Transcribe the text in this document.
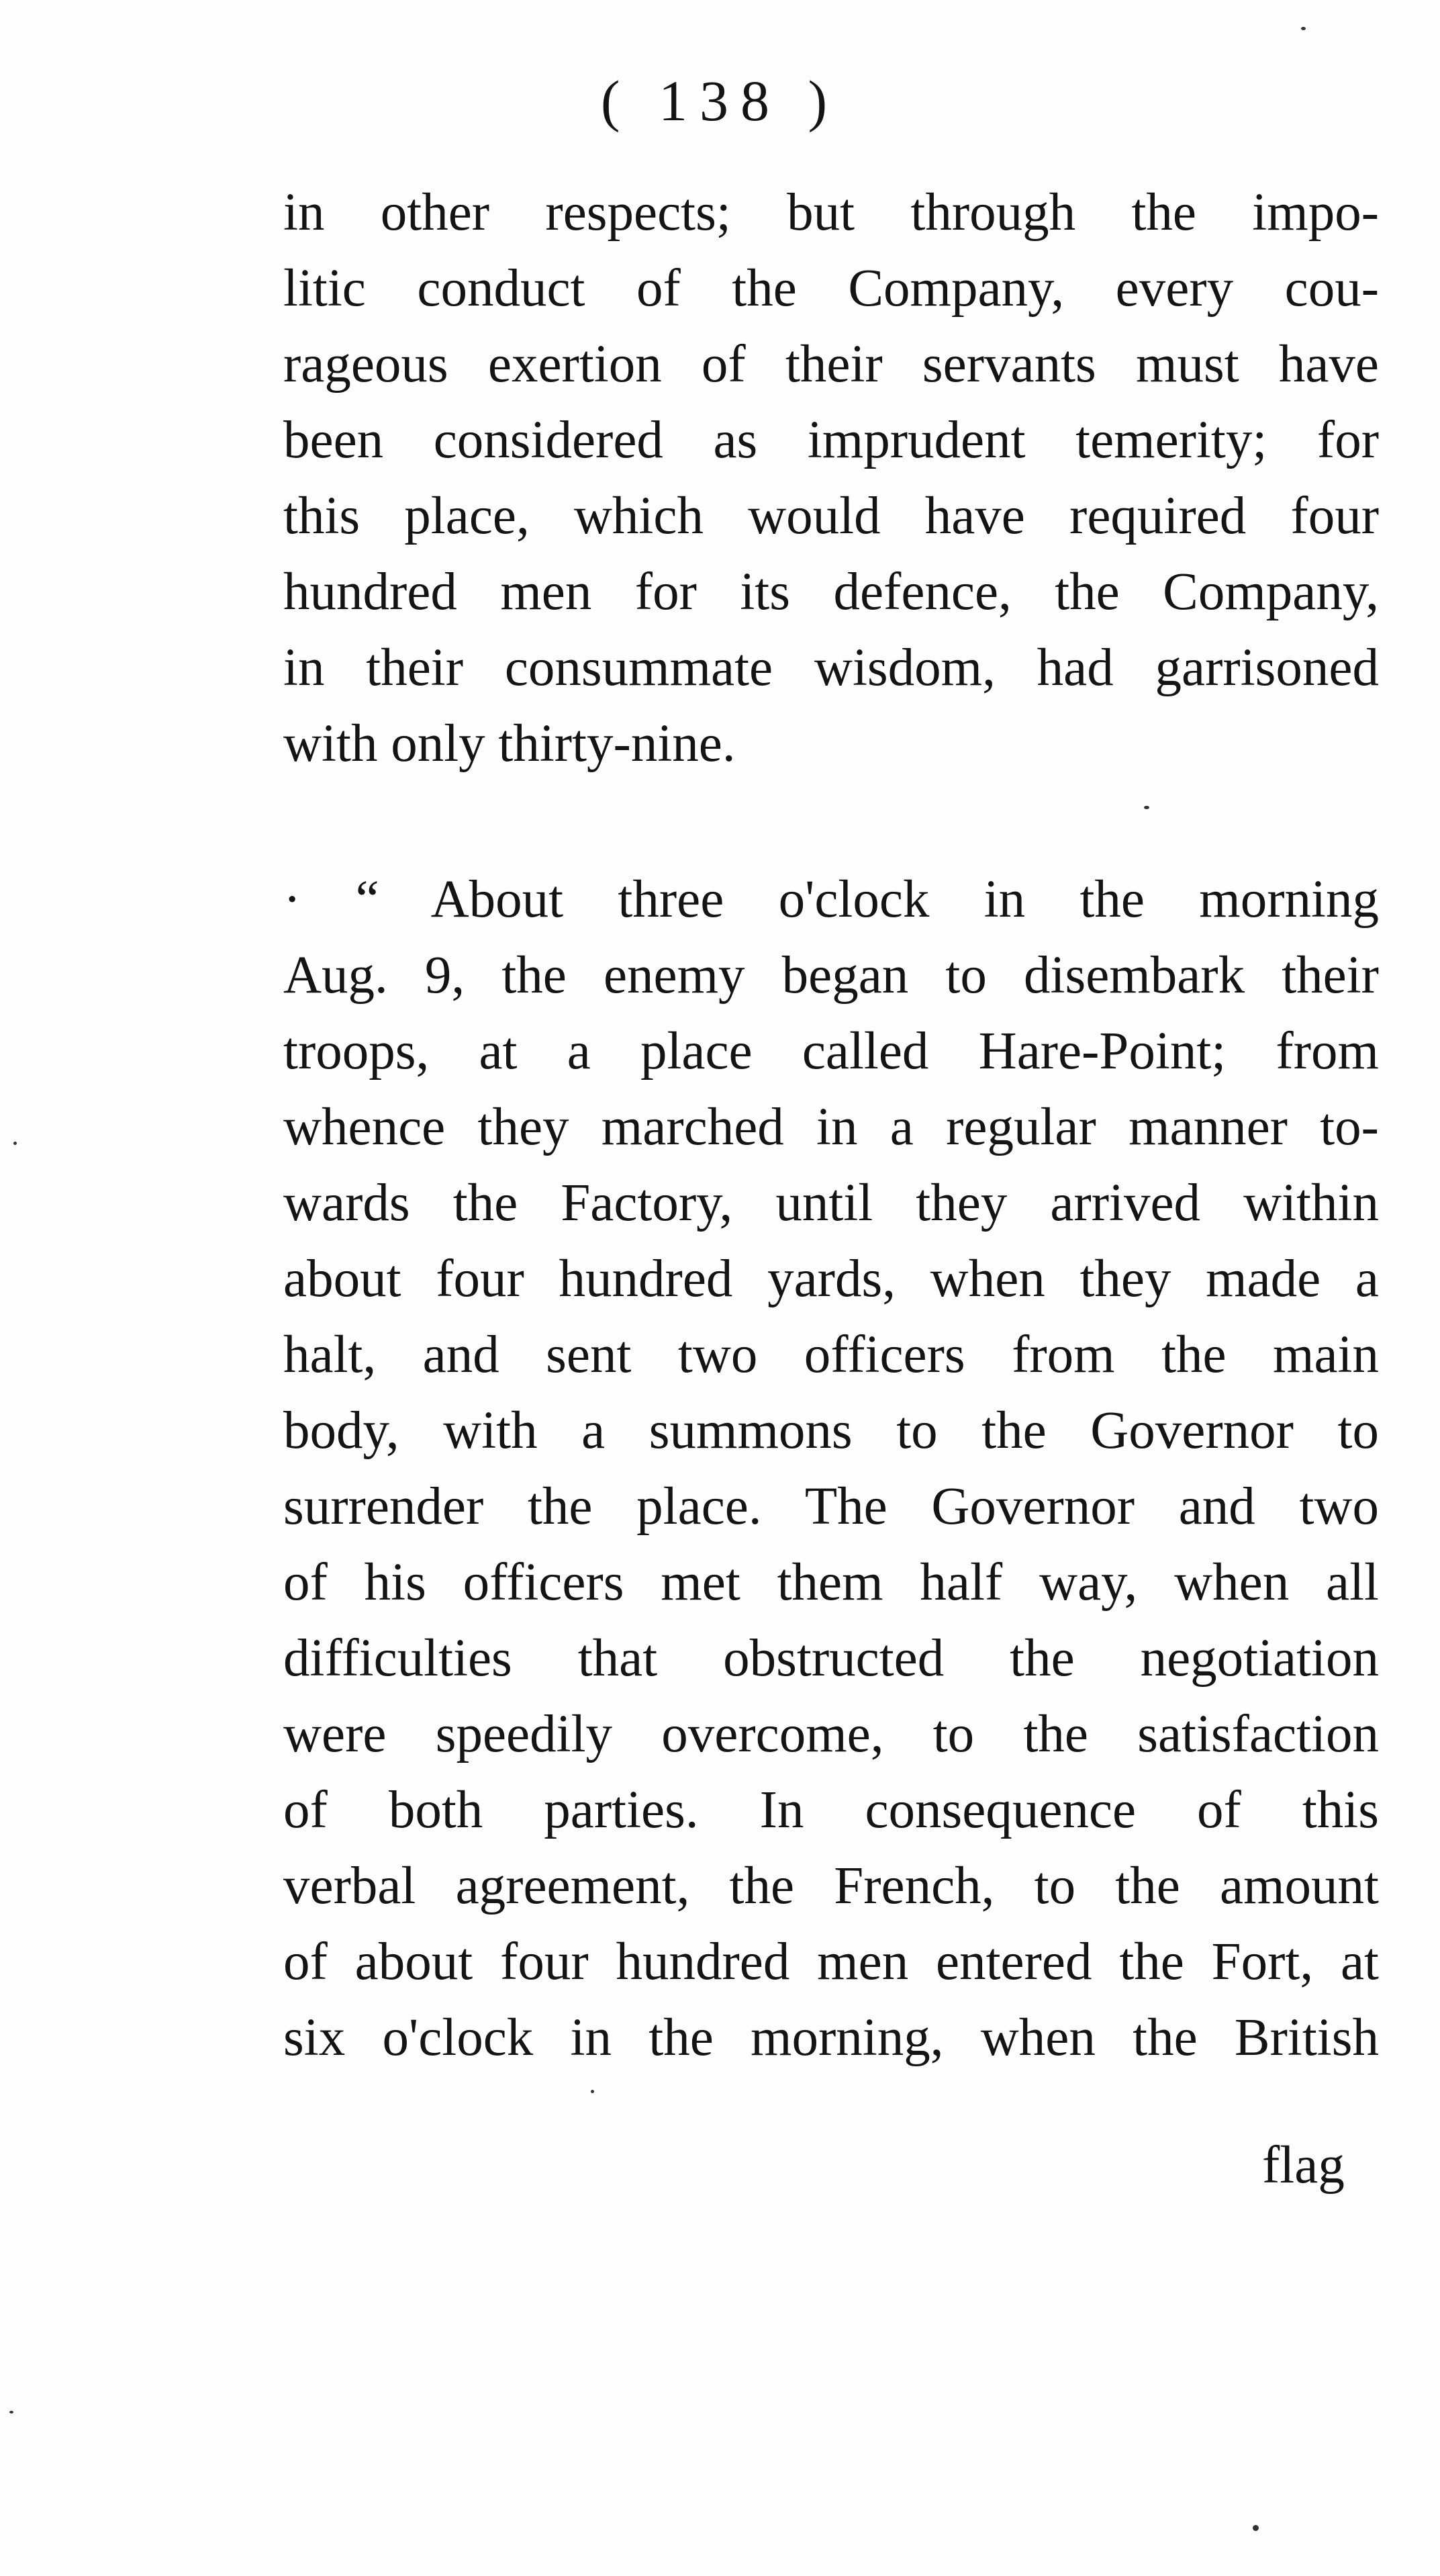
( 138 )
in other respects; but through the impo-
litic conduct of the Company, every cou-
rageous exertion of their servants must have
been considered as imprudent temerity; for
this place, which would have required four
hundred men for its defence, the Company,
in their consummate wisdom, had garrisoned
with only thirty-nine.
· “ About three o'clock in the morning
Aug. 9, the enemy began to disembark their
troops, at a place called Hare-Point; from
whence they marched in a regular manner to-
wards the Factory, until they arrived within
about four hundred yards, when they made a
halt, and sent two officers from the main
body, with a summons to the Governor to
surrender the place. The Governor and two
of his officers met them half way, when all
difficulties that obstructed the negotiation
were speedily overcome, to the satisfaction
of both parties. In consequence of this
verbal agreement, the French, to the amount
of about four hundred men entered the Fort, at
six o'clock in the morning, when the British
flag
